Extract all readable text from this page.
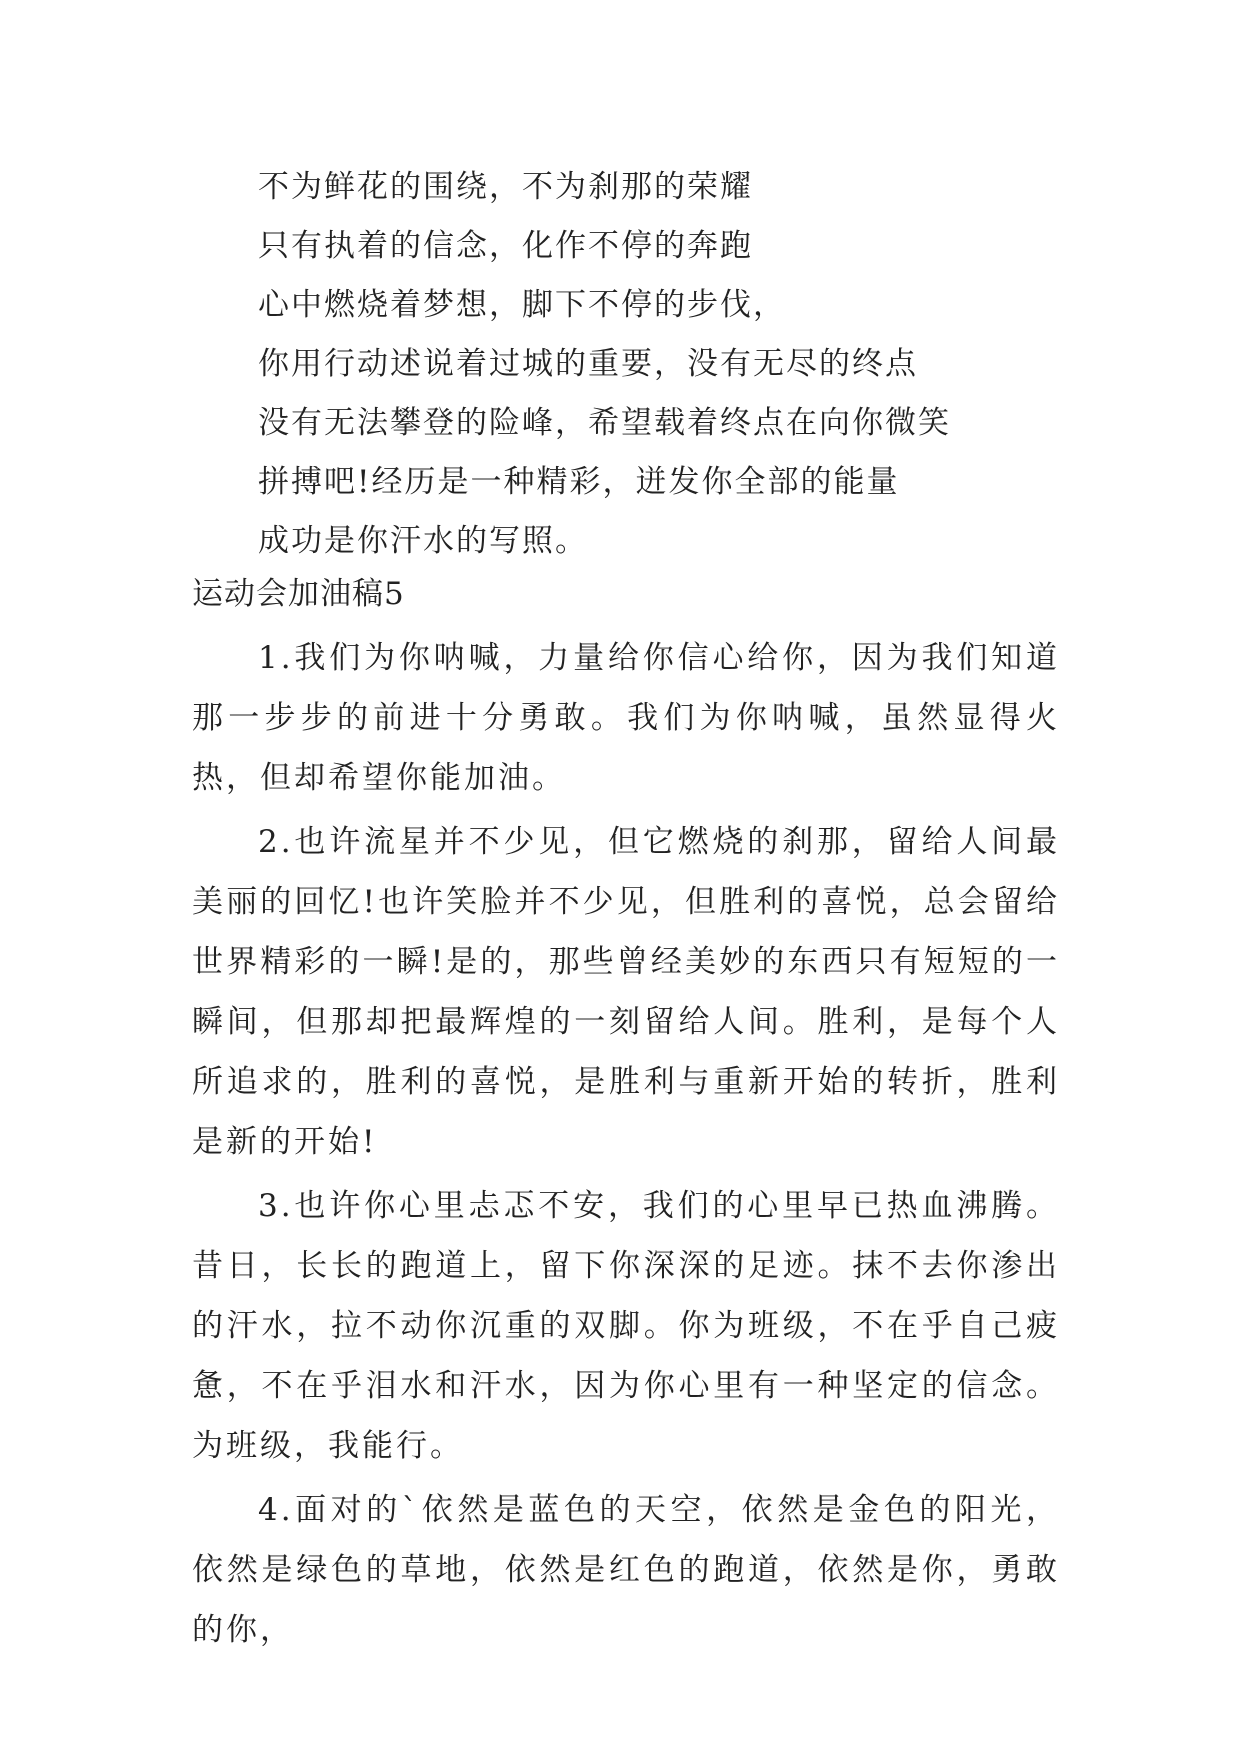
不为鲜花的围绕，不为刹那的荣耀
只有执着的信念，化作不停的奔跑
心中燃烧着梦想，脚下不停的步伐，
你用行动述说着过城的重要，没有无尽的终点
没有无法攀登的险峰，希望载着终点在向你微笑
拼搏吧!经历是一种精彩，迸发你全部的能量
成功是你汗水的写照。
运动会加油稿5

1.我们为你呐喊，力量给你信心给你，因为我们知道那一步步的前进十分勇敢。我们为你呐喊，虽然显得火热，但却希望你能加油。

2.也许流星并不少见，但它燃烧的刹那，留给人间最美丽的回忆!也许笑脸并不少见，但胜利的喜悦，总会留给世界精彩的一瞬!是的，那些曾经美妙的东西只有短短的一瞬间，但那却把最辉煌的一刻留给人间。胜利，是每个人所追求的，胜利的喜悦，是胜利与重新开始的转折，胜利是新的开始!

3.也许你心里忐忑不安，我们的心里早已热血沸腾。昔日，长长的跑道上，留下你深深的足迹。抹不去你渗出的汗水，拉不动你沉重的双脚。你为班级，不在乎自己疲惫，不在乎泪水和汗水，因为你心里有一种坚定的信念。为班级，我能行。

4.面对的`依然是蓝色的天空，依然是金色的阳光，依然是绿色的草地，依然是红色的跑道，依然是你，勇敢的你，
